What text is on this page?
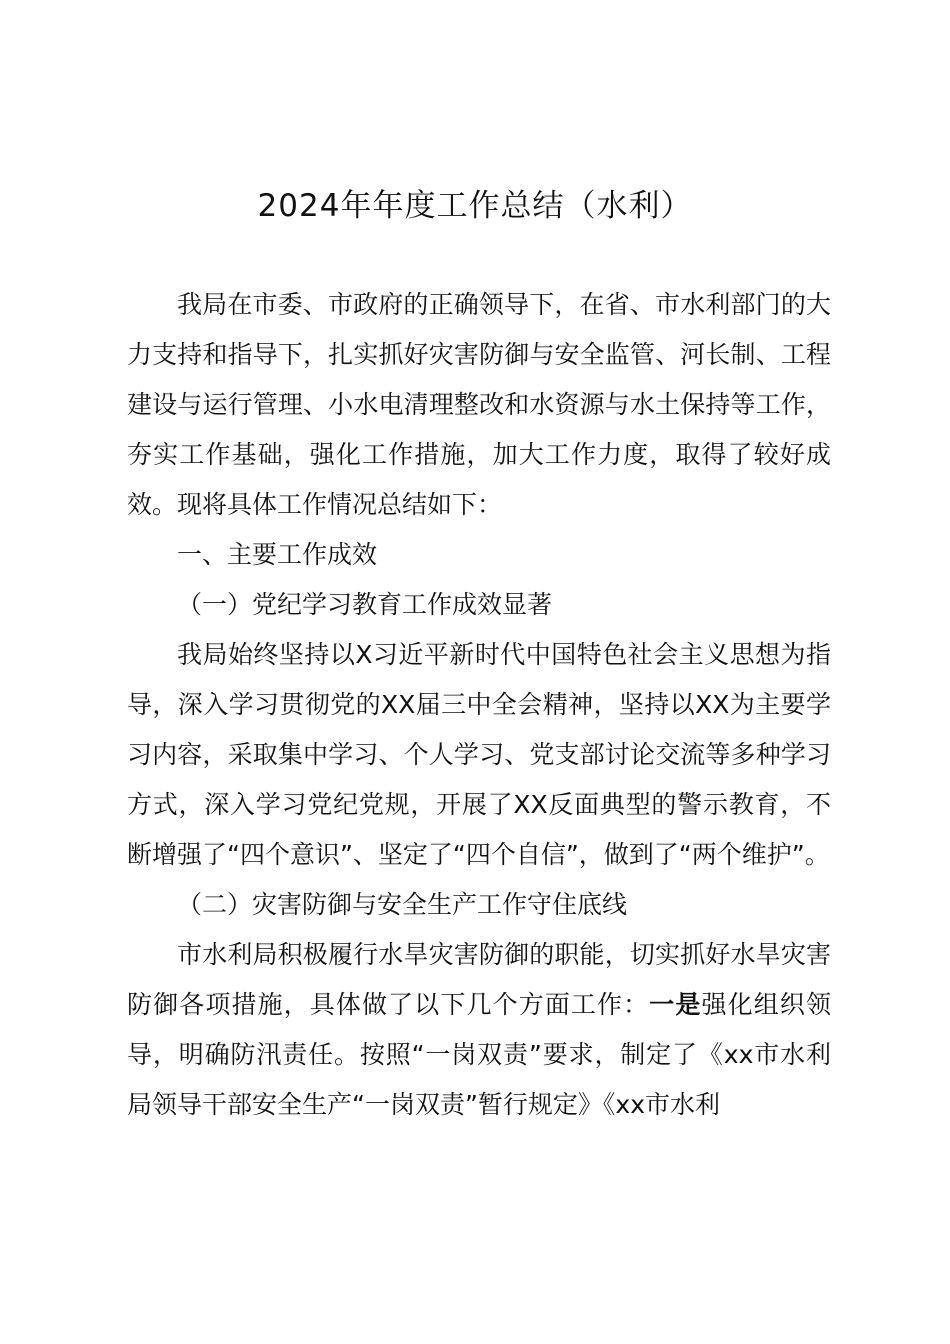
2024年年度工作总结（水利）

我局在市委、市政府的正确领导下，在省、市水利部门的大力支持和指导下，扎实抓好灾害防御与安全监管、河长制、工程建设与运行管理、小水电清理整改和水资源与水土保持等工作，夯实工作基础，强化工作措施，加大工作力度，取得了较好成效。现将具体工作情况总结如下：

一、主要工作成效

（一）党纪学习教育工作成效显著

我局始终坚持以X习近平新时代中国特色社会主义思想为指导，深入学习贯彻党的XX届三中全会精神，坚持以XX为主要学习内容，采取集中学习、个人学习、党支部讨论交流等多种学习方式，深入学习党纪党规，开展了XX反面典型的警示教育，不断增强了“四个意识”、坚定了“四个自信”，做到了“两个维护”。

（二）灾害防御与安全生产工作守住底线

市水利局积极履行水旱灾害防御的职能，切实抓好水旱灾害防御各项措施，具体做了以下几个方面工作：一是强化组织领导，明确防汛责任。按照“一岗双责”要求，制定了《xx市水利局领导干部安全生产“一岗双责”暂行规定》《xx市水利
